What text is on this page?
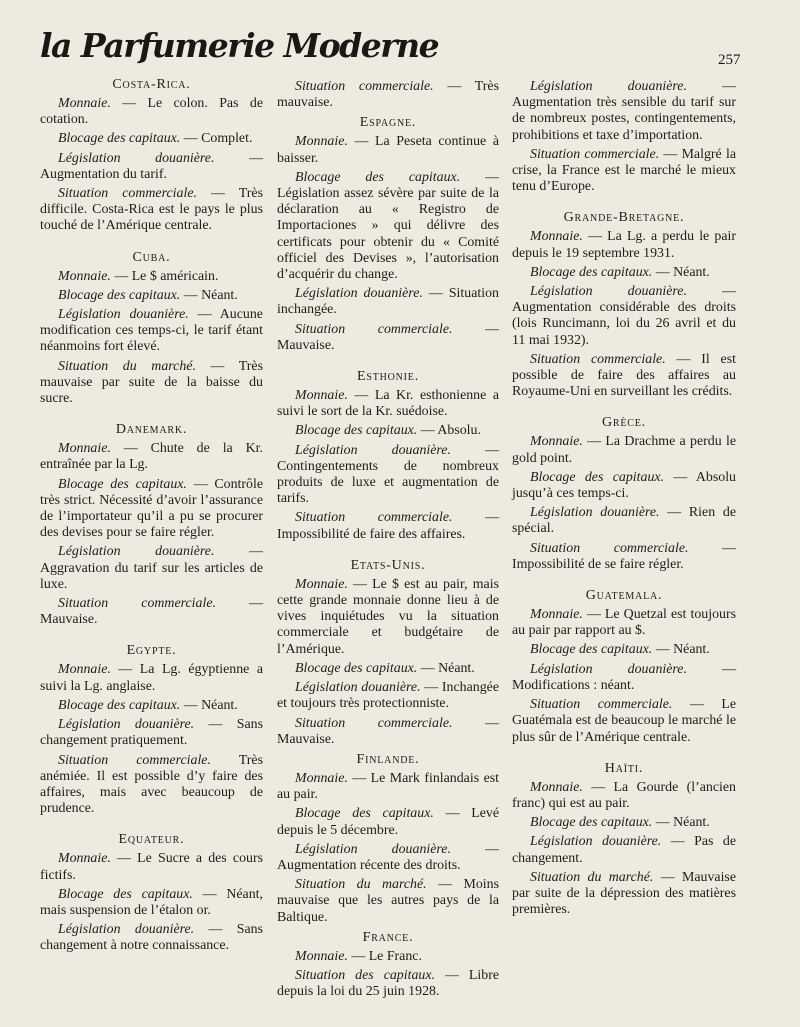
la Parfumerie Moderne	257
Costa-Rica.

Monnaie. — Le colon. Pas de cotation.

Blocage des capitaux. — Complet.

Législation douanière. — Augmentation du tarif.

Situation commerciale. — Très difficile. Costa-Rica est le pays le plus touché de l’Amérique centrale.

Cuba.

Monnaie. — Le $ américain.

Blocage des capitaux. — Néant.

Législation douanière. — Aucune modification ces temps-ci, le tarif étant néanmoins fort élevé.

Situation du marché. — Très mauvaise par suite de la baisse du sucre.

Danemark.

Monnaie. — Chute de la Kr. entraînée par la Lg.

Blocage des capitaux. — Contrôle très strict. Nécessité d’avoir l’assurance de l’importateur qu’il a pu se procurer des devises pour se faire régler.

Législation douanière. — Aggravation du tarif sur les articles de luxe.

Situation commerciale. — Mauvaise.

Egypte.

Monnaie. — La Lg. égyptienne a suivi la Lg. anglaise.

Blocage des capitaux. — Néant.

Législation douanière. — Sans changement pratiquement.

Situation commerciale. Très anémiée. Il est possible d’y faire des affaires, mais avec beaucoup de prudence.

Equateur.

Monnaie. — Le Sucre a des cours fictifs.

Blocage des capitaux. — Néant, mais suspension de l’étalon or.

Législation douanière. — Sans changement à notre connaissance.

Situation commerciale. — Très mauvaise.

Espagne.

Monnaie. — La Peseta continue à baisser.

Blocage des capitaux. — Législation assez sévère par suite de la déclaration au « Registro de Importaciones » qui délivre des certificats pour obtenir du « Comité officiel des Devises », l’autorisation d’acquérir du change.

Législation douanière. — Situation inchangée.

Situation commerciale. — Mauvaise.

Esthonie.

Monnaie. — La Kr. esthonienne a suivi le sort de la Kr. suédoise.

Blocage des capitaux. — Absolu.

Législation douanière. — Contingentements de nombreux produits de luxe et augmentation de tarifs.

Situation commerciale. — Impossibilité de faire des affaires.

Etats-Unis.

Monnaie. — Le $ est au pair, mais cette grande monnaie donne lieu à de vives inquiétudes vu la situation commerciale et budgétaire de l’Amérique.

Blocage des capitaux. — Néant.

Législation douanière. — Inchangée et toujours très protectionniste.

Situation commerciale. — Mauvaise.

Finlande.

Monnaie. — Le Mark finlandais est au pair.

Blocage des capitaux. — Levé depuis le 5 décembre.

Législation douanière. — Augmentation récente des droits.

Situation du marché. — Moins mauvaise que les autres pays de la Baltique.

France.

Monnaie. — Le Franc.

Situation des capitaux. — Libre depuis la loi du 25 juin 1928.

Législation douanière. — Augmentation très sensible du tarif sur de nombreux postes, contingentements, prohibitions et taxe d’importation.

Situation commerciale. — Malgré la crise, la France est le marché le mieux tenu d’Europe.

Grande-Bretagne.

Monnaie. — La Lg. a perdu le pair depuis le 19 septembre 1931.

Blocage des capitaux. — Néant.

Législation douanière. — Augmentation considérable des droits (lois Runcimann, loi du 26 avril et du 11 mai 1932).

Situation commerciale. — Il est possible de faire des affaires au Royaume-Uni en surveillant les crédits.

Grèce.

Monnaie. — La Drachme a perdu le gold point.

Blocage des capitaux. — Absolu jusqu’à ces temps-ci.

Législation douanière. — Rien de spécial.

Situation commerciale. — Impossibilité de se faire régler.

Guatemala.

Monnaie. — Le Quetzal est toujours au pair par rapport au $.

Blocage des capitaux. — Néant.

Législation douanière. — Modifications : néant.

Situation commerciale. — Le Guatémala est de beaucoup le marché le plus sûr de l’Amérique centrale.

Haïti.

Monnaie. — La Gourde (l’ancien franc) qui est au pair.

Blocage des capitaux. — Néant.

Législation douanière. — Pas de changement.

Situation du marché. — Mauvaise par suite de la dépression des matières premières.
